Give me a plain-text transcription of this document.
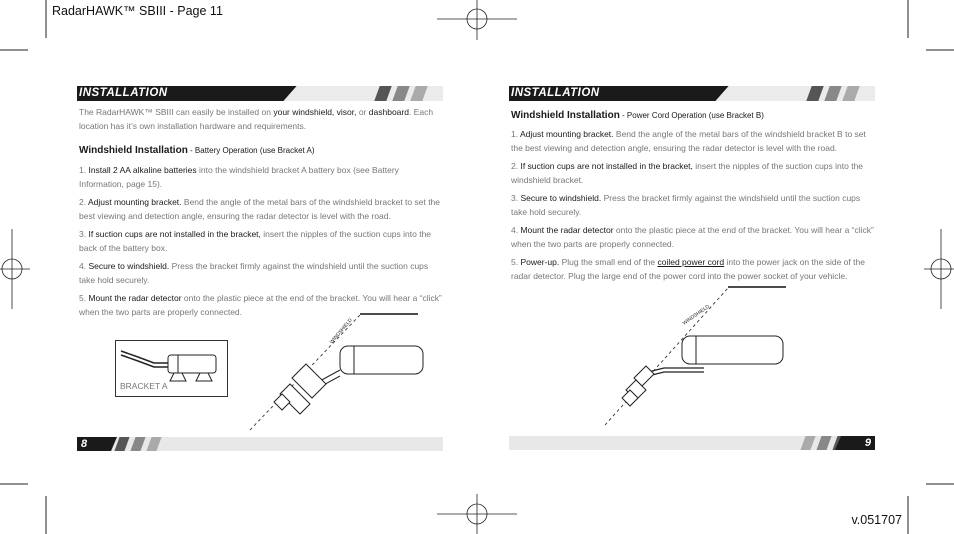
RadarHAWK™ SBIII - Page 11
v.051707
INSTALLATION

The RadarHAWK™ SBIII can easily be installed on your windshield, visor, or dashboard. Each location has it’s own installation hardware and requirements.

Windshield Installation - Battery Operation (use Bracket A)

1. Install 2 AA alkaline batteries into the windshield bracket A battery box (see Battery Information, page 15).

2. Adjust mounting bracket. Bend the angle of the metal bars of the windshield bracket to set the best viewing and detection angle, ensuring the radar detector is level with the road.

3. If suction cups are not installed in the bracket, insert the nipples of the suction cups into the back of the battery box.

4. Secure to windshield. Press the bracket firmly against the windshield until the suction cups take hold securely.

5. Mount the radar detector onto the plastic piece at the end of the bracket. You will hear a “click” when the two parts are properly connected.

BRACKET A
WINDSHIELD
8
INSTALLATION
Windshield Installation - Power Cord Operation (use Bracket B)

1. Adjust mounting bracket. Bend the angle of the metal bars of the windshield bracket B to set the best viewing and detection angle, ensuring the radar detector is level with the road.

2. If suction cups are not installed in the bracket, insert the nipples of the suction cups into the windshield bracket.

3. Secure to windshield. Press the bracket firmly against the windshield until the suction cups take hold securely.

4. Mount the radar detector onto the plastic piece at the end of the bracket. You will hear a “click” when the two parts are properly connected.

5. Power-up. Plug the small end of the coiled power cord into the power jack on the side of the radar detector. Plug the large end of the power cord into the power socket of your vehicle.

WINDSHIELD
9
